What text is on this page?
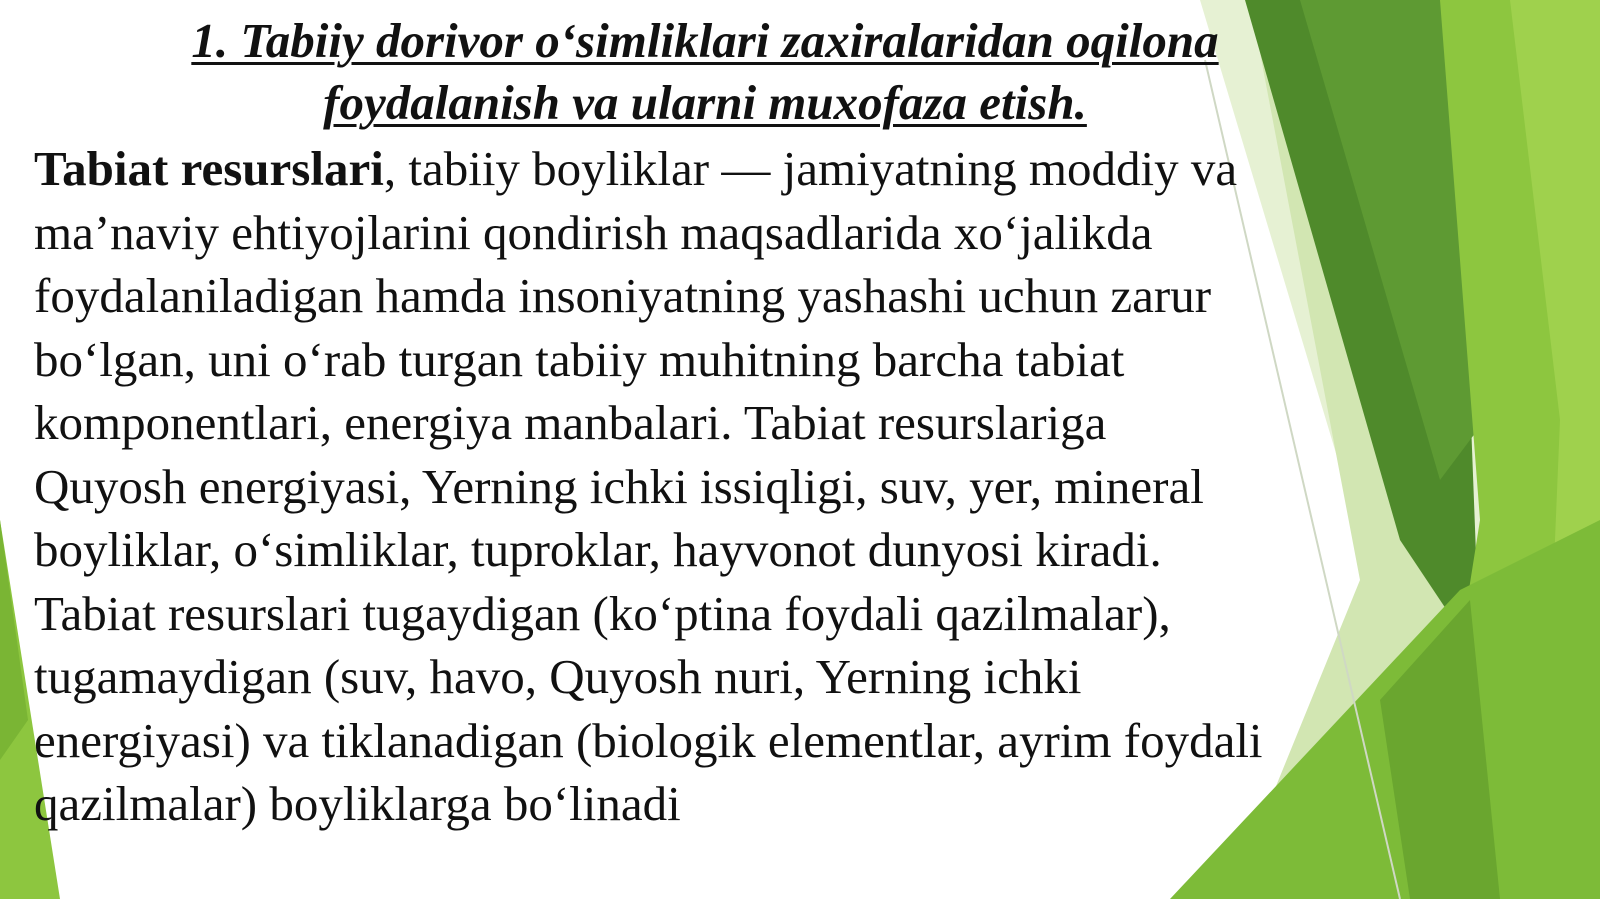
1. Tabiiy dorivor o‘simliklari zaxiralaridan oqilona
foydalanish va ularni muxofaza etish.
Tabiat resurslari, tabiiy boyliklar — jamiyatning moddiy va
ma’naviy ehtiyojlarini qondirish maqsadlarida xo‘jalikda
foydalaniladigan hamda insoniyatning yashashi uchun zarur
bo‘lgan, uni o‘rab turgan tabiiy muhitning barcha tabiat
komponentlari, energiya manbalari. Tabiat resurslariga
Quyosh energiyasi, Yerning ichki issiqligi, suv, yer, mineral
boyliklar, o‘simliklar, tuproklar, hayvonot dunyosi kiradi.
Tabiat resurslari tugaydigan (ko‘ptina foydali qazilmalar),
tugamaydigan (suv, havo, Quyosh nuri, Yerning ichki
energiyasi) va tiklanadigan (biologik elementlar, ayrim foydali
qazilmalar) boyliklarga bo‘linadi
